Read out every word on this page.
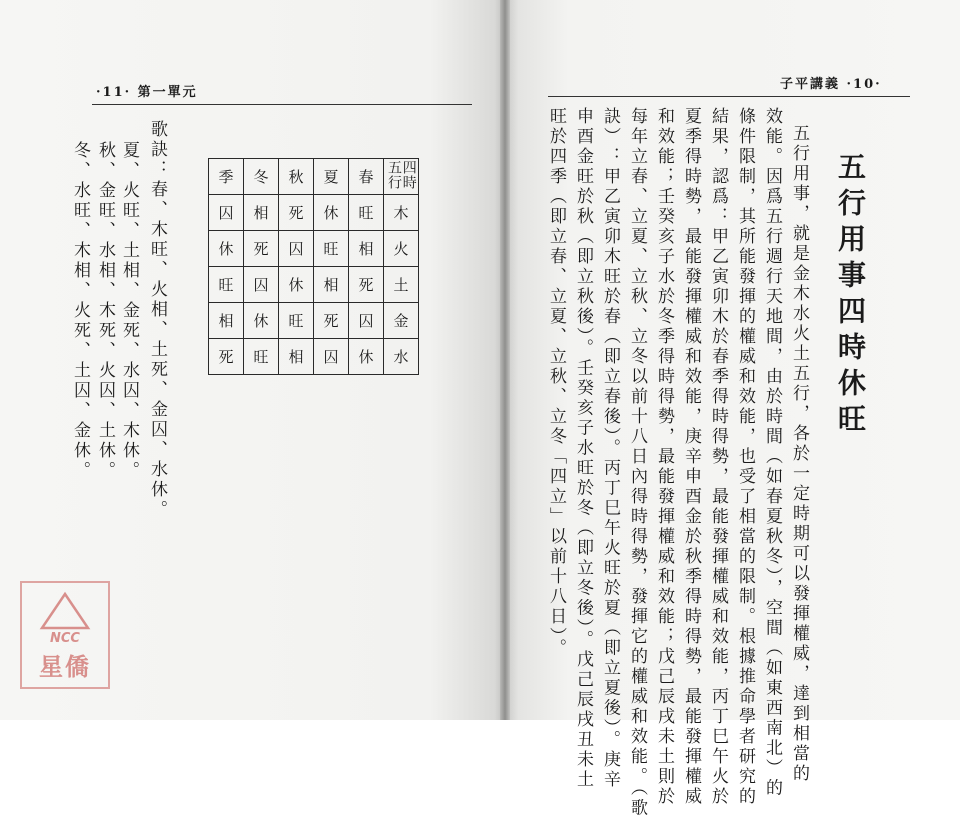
·11· 第一單元
季	冬	秋	夏	春	四時五行
囚	相	死	休	旺	木
休	死	囚	旺	相	火
旺	囚	休	相	死	土
相	休	旺	死	囚	金
死	旺	相	囚	休	水
歌訣：春、木旺、火相、土死、金囚、水休。
夏、火旺、土相、金死、水囚、木休。
秋、金旺、水相、木死、火囚、土休。
冬、水旺、木相、火死、土囚、金休。
NCC
星僑
子平講義 ·10·
五行用事四時休旺
五行用事，就是金木水火土五行，各於一定時期可以發揮權威，達到相當的
效能。因爲五行週行天地間，由於時間（如春夏秋冬），空間（如東西南北）的
條件限制，其所能發揮的權威和效能，也受了相當的限制。根據推命學者研究的
結果，認爲：甲乙寅卯木於春季得時得勢，最能發揮權威和效能，丙丁巳午火於
夏季得時勢，最能發揮權威和效能，庚辛申酉金於秋季得時得勢，最能發揮權威
和效能；壬癸亥子水於冬季得時得勢，最能發揮權威和效能；戊己辰戌未土則於
每年立春、立夏、立秋、立冬以前十八日內得時得勢，發揮它的權威和效能。（歌
訣）：甲乙寅卯木旺於春（即立春後）。丙丁巳午火旺於夏（即立夏後）。庚辛
申酉金旺於秋（即立秋後）。壬癸亥子水旺於冬（即立冬後）。戊己辰戌丑未土
旺於四季（即立春、立夏、立秋、立冬「四立」以前十八日）。
